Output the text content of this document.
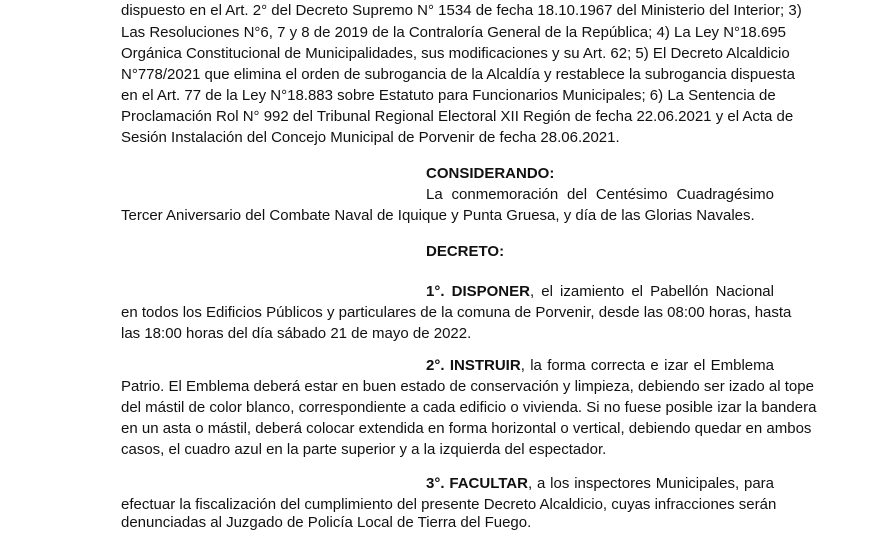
dispuesto en el Art. 2° del Decreto Supremo N° 1534 de fecha 18.10.1967 del Ministerio del Interior; 3)
Las Resoluciones N°6, 7 y 8 de 2019 de la Contraloría General de la República; 4) La Ley N°18.695
Orgánica Constitucional de Municipalidades, sus modificaciones y su Art. 62; 5) El Decreto Alcaldicio
N°778/2021 que elimina el orden de subrogancia de la Alcaldía y restablece la subrogancia dispuesta
en el Art. 77 de la Ley N°18.883 sobre Estatuto para Funcionarios Municipales; 6) La Sentencia de
Proclamación Rol N° 992 del Tribunal Regional Electoral XII Región de fecha 22.06.2021 y el Acta de
Sesión Instalación del Concejo Municipal de Porvenir de fecha 28.06.2021.
CONSIDERANDO:
La conmemoración del Centésimo Cuadragésimo
Tercer Aniversario del Combate Naval de Iquique y Punta Gruesa, y día de las Glorias Navales.
DECRETO:
1°. DISPONER, el izamiento el Pabellón Nacional
en todos los Edificios Públicos y particulares de la comuna de Porvenir, desde las 08:00 horas, hasta
las 18:00 horas del día sábado 21 de mayo de 2022.
2°. INSTRUIR, la forma correcta e izar el Emblema
Patrio. El Emblema deberá estar en buen estado de conservación y limpieza, debiendo ser izado al tope
del mástil de color blanco, correspondiente a cada edificio o vivienda. Si no fuese posible izar la bandera
en un asta o mástil, deberá colocar extendida en forma horizontal o vertical, debiendo quedar en ambos
casos, el cuadro azul en la parte superior y a la izquierda del espectador.
3°. FACULTAR, a los inspectores Municipales, para
efectuar la fiscalización del cumplimiento del presente Decreto Alcaldicio, cuyas infracciones serán
denunciadas al Juzgado de Policía Local de Tierra del Fuego.
